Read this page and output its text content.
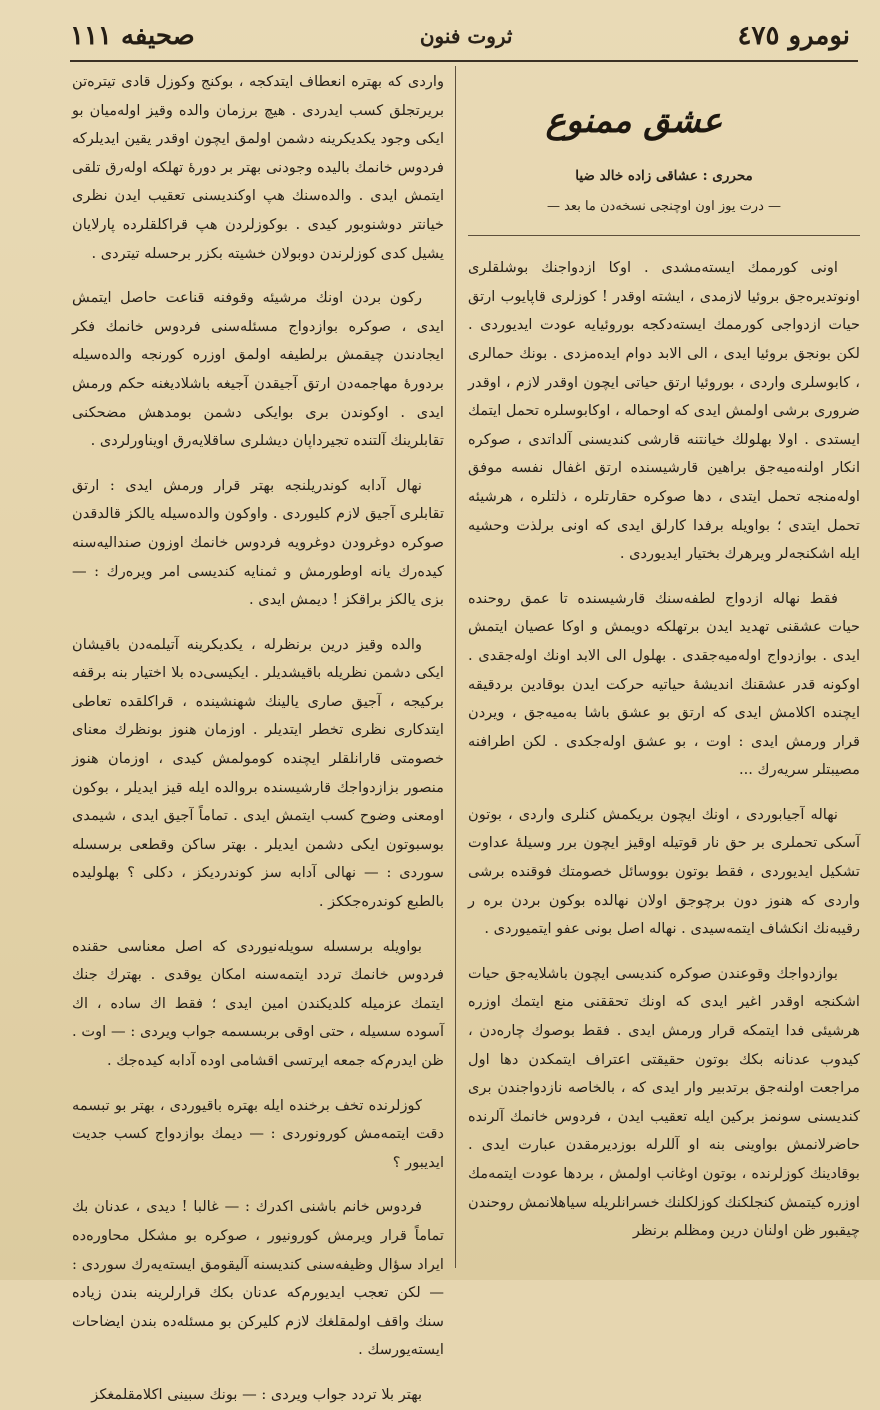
نومرو ٤٧٥
ثروت فنون
صحیفه ۱۱۱
عشق ممنوع
محرری : عشاقی زاده خالد ضیا
— درت یوز اون اوچنجی نسخه‌دن ما بعد —

اونی کورممك ایسته‌مشدی . اوکا ازدواجنك بوشلقلری اونوتدیره‌جق بروئیا لازمدی ، ایشته اوقدر ! کوزلری قاپایوب ارتق حیات ازدواجی کورممك ایسته‌دکجه بوروئیایه عودت ایدیوردی . لکن بونجق بروئیا ایدی ، الی الابد دوام ایده‌مزدی . بونك حمالری ، کابوسلری واردی ، بوروئیا ارتق حیاتی ایچون اوقدر لازم ، اوقدر ضروری برشی اولمش ایدی که اوحماله ، اوکابوسلره تحمل ایتمك ایستدی . اولا بهلولك خیانتنه قارشی کندیسنی آلداتدی ، صوکره انکار اولنه‌میه‌جق براهین قارشیسنده ارتق اغفال نفسه موفق اوله‌منجه تحمل ایتدی ، دها صوکره حقارتلره ، ذلتلره ، هرشیئه تحمل ایتدی ؛ بواویله برفدا کارلق ایدی که اونی برلذت وحشیه ایله اشکنجه‌لر ویرهرك بختیار ایدیوردی .

فقط نهاله ازدواج لطفه‌سنك قارشیسنده تا عمق روحنده حیات عشقنی تهدید ایدن برتهلکه دویمش و اوکا عصیان ایتمش ایدی . بوازدواج اوله‌میه‌جقدی . بهلول الی الابد اونك اوله‌جقدی . اوکونه قدر عشقنك اندیشهٔ حیاتیه حرکت ایدن بوقادین بردقیقه ایچنده اکلامش ایدی که ارتق بو عشق باشا به‌میه‌جق ، ویردن قرار ورمش ایدی : اوت ، بو عشق اوله‌جکدی . لکن اطرافنه مصیبتلر سریه‌رك ...

نهاله آجیابوردی ، اونك ایچون بریکمش کنلری واردی ، بوتون آسکی تحملری بر حق نار قوتیله اوقیز ایچون برر وسیلهٔ عداوت تشکیل ایدیوردی ، فقط بوتون بووسائل خصومتك فوقنده برشی واردی که هنوز دون برچوجق اولان نهالده بوکون بردن بره ر رقیبه‌نك انکشاف ایتمه‌سیدی . نهاله اصل بونی عفو ایتمیوردی .

بوازدواجك وقوعندن صوکره کندیسی ایچون باشلایه‌جق حیات اشکنجه اوقدر اغیر ایدی که اونك تحققنی منع ایتمك اوزره هرشیئی فدا ایتمکه قرار ورمش ایدی . فقط بوصوك چاره‌دن ، کیدوب عدنانه بکك بوتون حقیقتی اعتراف ایتمکدن دها اول مراجعت اولنه‌جق برتدبیر وار ایدی که ، بالخاصه نازدواجندن بری کندیسنی سونمز برکین ایله تعقیب ایدن ، فردوس خانمك آلرنده حاضرلانمش بواوینی بنه او آللرله بوزدیرمقدن عبارت ایدی . بوقادینك کوزلرنده ، بوتون اوغانب اولمش ، بردها عودت ایتمه‌مك اوزره کیتمش کنجلکنك کوزلکلنك خسرانلریله سیاهلانمش روحندن چیقبور ظن اولنان درین ومظلم برنظر

واردی که بهتره انعطاف ایتدکجه ، بوکنج وکوزل قادی تیتره‌تن بریرتجلق کسب ایدردی . هیچ برزمان والده وقیز اوله‌میان بو ایکی وجود یکدیکرینه دشمن اولمق ایچون اوقدر یقین ایدیلرکه فردوس خانمك بالیده وجودنی بهتر بر دورهٔ تهلکه اوله‌رق تلقی ایتمش ایدی . والده‌سنك هپ اوکندیسنی تعقیب ایدن نظری خیانتر دوشنوبور کیدی . بوکوزلردن هپ قراکلقلرده پارلایان یشیل کدی کوزلرندن دوبولان خشیته بکزر برحسله تیتردی .

رکون بردن اونك مرشیئه وقوفنه قناعت حاصل ایتمش ایدی ، صوکره بوازدواج مسئله‌سنی فردوس خانمك فکر ایجادندن چیقمش برلطیفه اولمق اوزره کورنجه والده‌سیله بردورهٔ مهاجمه‌دن ارتق آجیقدن آجیغه باشلادیغنه حکم ورمش ایدی . اوکوندن بری بوایکی دشمن بومدهش مضحکنی تقابلرینك آلتنده تجیرداپان دیشلری ساقلایه‌رق اویناورلردی .

نهال آدابه کوندریلنجه بهتر قرار ورمش ایدی : ارتق تقابلری آجیق لازم کلیوردی . واوکون والده‌سیله یالکز قالدقدن صوکره دوغرودن دوغرویه فردوس خانمك اوزون صندالیه‌سنه کیده‌رك یانه اوطورمش و ثمنایه کندیسی امر ویره‌رك : — بزی یالکز براقکز ! دیمش ایدی .

والده وقیز درین برنظرله ، یکدیکرینه آتیلمه‌دن باقیشان ایکی دشمن نظریله باقیشدیلر . ایکیسی‌ده بلا اختیار بنه برقفه برکیجه ، آجیق صاری یالینك شهنشینده ، قراکلقده تعاطی ایتدکاری نظری تخطر ایتدیلر . اوزمان هنوز بونظرك معنای خصومتی قارانلقلر ایچنده کومولمش کیدی ، اوزمان هنوز منصور بزازدواجك قارشیسنده بروالده ایله قیز ایدیلر ، بوکون اومعنی وضوح کسب ایتمش ایدی . تماماً آجیق ایدی ، شیمدی بوسبوتون ایکی دشمن ایدیلر . بهتر ساکن وقطعی برسسله سوردی : — نهالی آدابه سز کوندردیکز ، دکلی ؟ بهلولیده بالطبع کوندره‌جککز .

بواویله برسسله سویله‌نیوردی که اصل معناسی حقنده فردوس خانمك تردد ایتمه‌سنه امکان یوقدی . بهترك جنك ایتمك عزمیله کلدیکندن امین ایدی ؛ فقط اك ساده ، اك آسوده سسیله ، حتی اوقی بربسسمه جواب ویردی : — اوت . ظن ایدرم‌که جمعه ایرتسی اقشامی اوده آدابه کیده‌جك .

کوزلرنده تخف برخنده ایله بهتره باقیوردی ، بهتر بو تبسمه دقت ایتمه‌مش کورونوردی : — دیمك بوازدواج کسب جدیت ایدیبور ؟

فردوس خانم باشنی اکدرك : — غالبا ! دیدی ، عدنان بك تماماً قرار ویرمش کورونیور ، صوکره بو مشکل محاوره‌ده ایراد سؤال وظیفه‌سنی کندیسنه آلیقومق ایسته‌یه‌رك سوردی : — لکن تعجب ایدیورم‌که عدنان بکك قرارلرینه بندن زیاده سنك واقف اولمقلغك لازم کلیرکن بو مسئله‌ده بندن ایضاحات ایسته‌یورسك .

بهتر بلا تردد جواب ویردی : — بونك سبینی اکلامقلمغکز
